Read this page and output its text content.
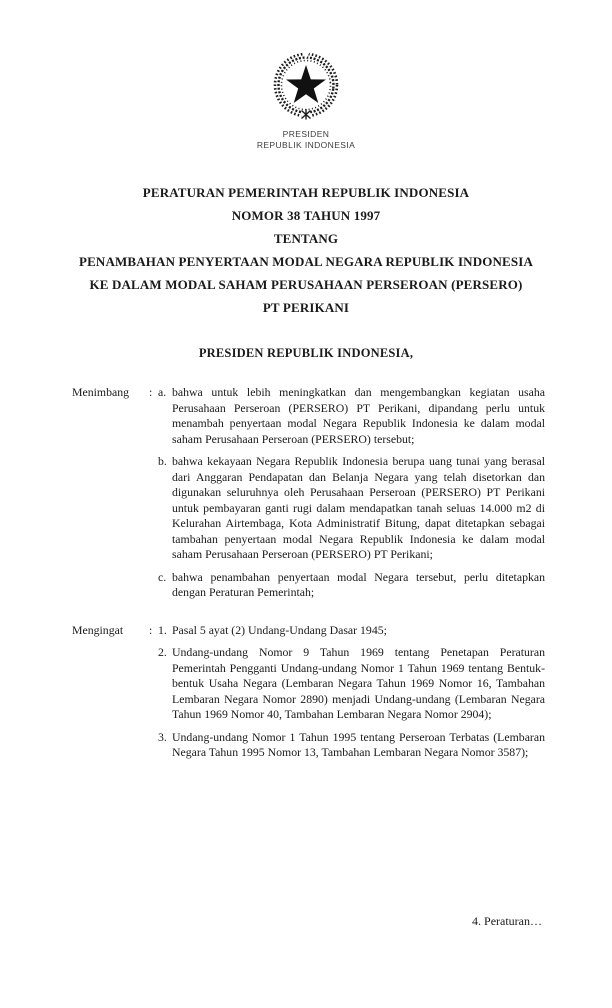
PRESIDEN
REPUBLIK INDONESIA
PERATURAN PEMERINTAH REPUBLIK INDONESIA
NOMOR 38 TAHUN 1997
TENTANG
PENAMBAHAN PENYERTAAN MODAL NEGARA REPUBLIK INDONESIA
KE DALAM MODAL SAHAM PERUSAHAAN PERSEROAN (PERSERO)
PT PERIKANI
PRESIDEN REPUBLIK INDONESIA,
Menimbang	: a. bahwa untuk lebih meningkatkan dan mengembangkan kegiatan usaha Perusahaan Perseroan (PERSERO) PT Perikani, dipandang perlu untuk menambah penyertaan modal Negara Republik Indonesia ke dalam modal saham Perusahaan Perseroan (PERSERO) tersebut;
b. bahwa kekayaan Negara Republik Indonesia berupa uang tunai yang berasal dari Anggaran Pendapatan dan Belanja Negara yang telah disetorkan dan digunakan seluruhnya oleh Perusahaan Perseroan (PERSERO) PT Perikani untuk pembayaran ganti rugi dalam mendapatkan tanah seluas 14.000 m2 di Kelurahan Airtembaga, Kota Administratif Bitung, dapat ditetapkan sebagai tambahan penyertaan modal Negara Republik Indonesia ke dalam modal saham Perusahaan Perseroan (PERSERO) PT Perikani;
c. bahwa penambahan penyertaan modal Negara tersebut, perlu ditetapkan dengan Peraturan Pemerintah;
Mengingat	: 1. Pasal 5 ayat (2) Undang-Undang Dasar 1945;
2. Undang-undang Nomor 9 Tahun 1969 tentang Penetapan Peraturan Pemerintah Pengganti Undang-undang Nomor 1 Tahun 1969 tentang Bentuk-bentuk Usaha Negara (Lembaran Negara Tahun 1969 Nomor 16, Tambahan Lembaran Negara Nomor 2890) menjadi Undang-undang (Lembaran Negara Tahun 1969 Nomor 40, Tambahan Lembaran Negara Nomor 2904);
3. Undang-undang Nomor 1 Tahun 1995 tentang Perseroan Terbatas (Lembaran Negara Tahun 1995 Nomor 13, Tambahan Lembaran Negara Nomor 3587);
4. Peraturan…
